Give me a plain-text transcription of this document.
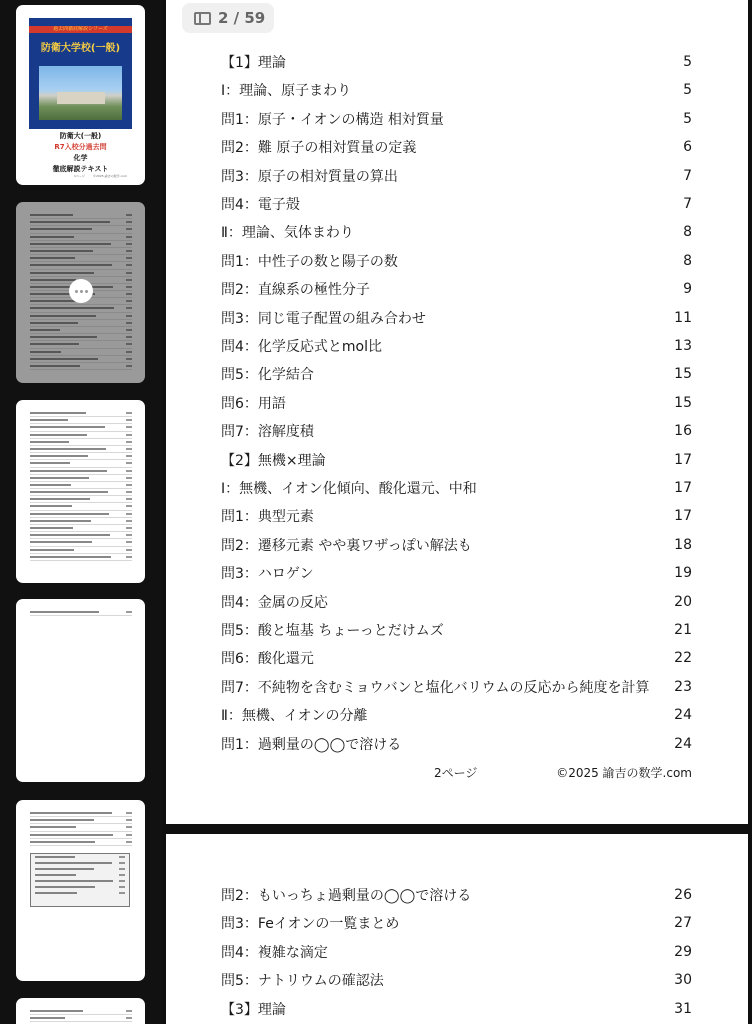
過去問徹底解説シリーズ
防衛大学校(一般)
防衛大(一般)
R7入校分過去問
化学
徹底解説テキスト
1ページ	©2025 諭吉の数学.com
2 / 59
【1】理論	5
Ⅰ：理論、原子まわり	5
問1：原子・イオンの構造 相対質量	5
問2：難 原子の相対質量の定義	6
問3：原子の相対質量の算出	7
問4：電子殻	7
Ⅱ：理論、気体まわり	8
問1：中性子の数と陽子の数	8
問2：直線系の極性分子	9
問3：同じ電子配置の組み合わせ	11
問4：化学反応式とmol比	13
問5：化学結合	15
問6：用語	15
問7：溶解度積	16
【2】無機×理論	17
Ⅰ：無機、イオン化傾向、酸化還元、中和	17
問1：典型元素	17
問2：遷移元素 やや裏ワザっぽい解法も	18
問3：ハロゲン	19
問4：金属の反応	20
問5：酸と塩基 ちょーっとだけムズ	21
問6：酸化還元	22
問7：不純物を含むミョウバンと塩化バリウムの反応から純度を計算 23
Ⅱ：無機、イオンの分離	24
問1：過剰量の◯◯で溶ける	24
2ページ	©2025 諭吉の数学.com
問2：もいっちょ過剰量の◯◯で溶ける	26
問3：Feイオンの一覧まとめ	27
問4：複雑な滴定	29
問5：ナトリウムの確認法	30
【3】理論	31
